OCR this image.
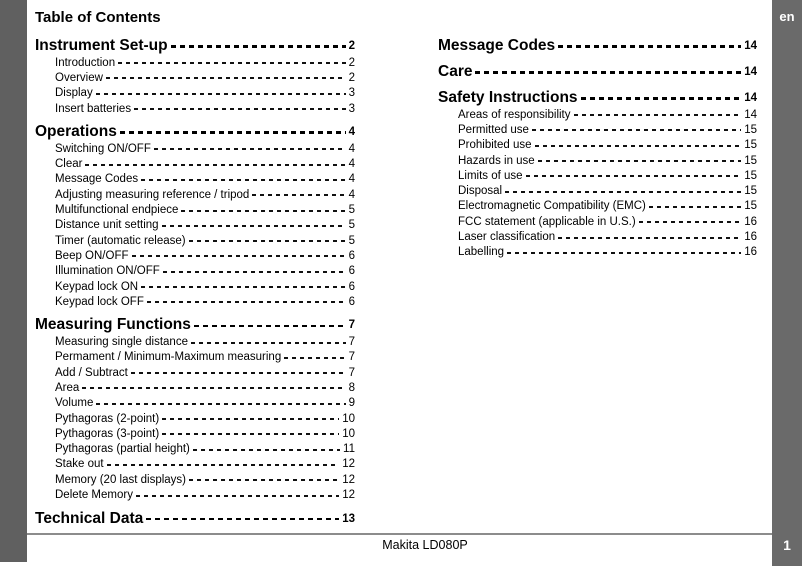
en
1
Table of Contents
Instrument Set-up	2
Introduction	2
Overview	2
Display	3
Insert batteries	3
Operations	4
Switching ON/OFF	4
Clear	4
Message Codes	4
Adjusting measuring reference / tripod	4
Multifunctional endpiece	5
Distance unit setting	5
Timer (automatic release)	5
Beep ON/OFF	6
Illumination ON/OFF	6
Keypad lock ON	6
Keypad lock OFF	6
Measuring Functions	7
Measuring single distance	7
Permament / Minimum-Maximum measuring	7
Add / Subtract	7
Area	8
Volume	9
Pythagoras (2-point)	10
Pythagoras (3-point)	10
Pythagoras (partial height)	11
Stake out	12
Memory (20 last displays)	12
Delete Memory	12
Technical Data	13
Message Codes	14
Care	14
Safety Instructions	14
Areas of responsibility	14
Permitted use	15
Prohibited use	15
Hazards in use	15
Limits of use	15
Disposal	15
Electromagnetic Compatibility (EMC)	15
FCC statement (applicable in U.S.)	16
Laser classification	16
Labelling	16
Makita LD080P
